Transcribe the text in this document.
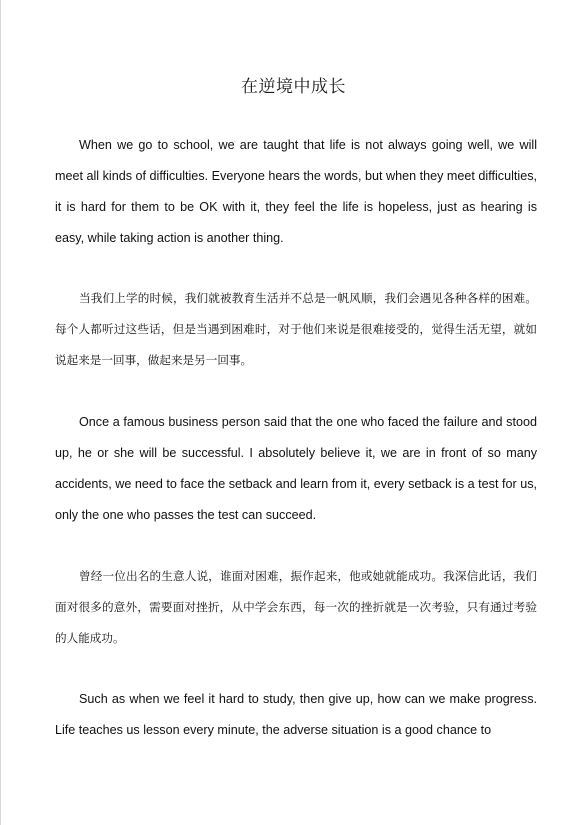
在逆境中成长

When we go to school, we are taught that life is not always going well, we will meet all kinds of difficulties. Everyone hears the words, but when they meet difficulties, it is hard for them to be OK with it, they feel the life is hopeless, just as hearing is easy, while taking action is another thing.

当我们上学的时候，我们就被教育生活并不总是一帆风顺，我们会遇见各种各样的困难。每个人都听过这些话，但是当遇到困难时，对于他们来说是很难接受的，觉得生活无望，就如说起来是一回事，做起来是另一回事。

Once a famous business person said that the one who faced the failure and stood up, he or she will be successful. I absolutely believe it, we are in front of so many accidents, we need to face the setback and learn from it, every setback is a test for us, only the one who passes the test can succeed.

曾经一位出名的生意人说，谁面对困难，振作起来，他或她就能成功。我深信此话，我们面对很多的意外，需要面对挫折，从中学会东西，每一次的挫折就是一次考验，只有通过考验的人能成功。

Such as when we feel it hard to study, then give up, how can we make progress. Life teaches us lesson every minute, the adverse situation is a good chance to
